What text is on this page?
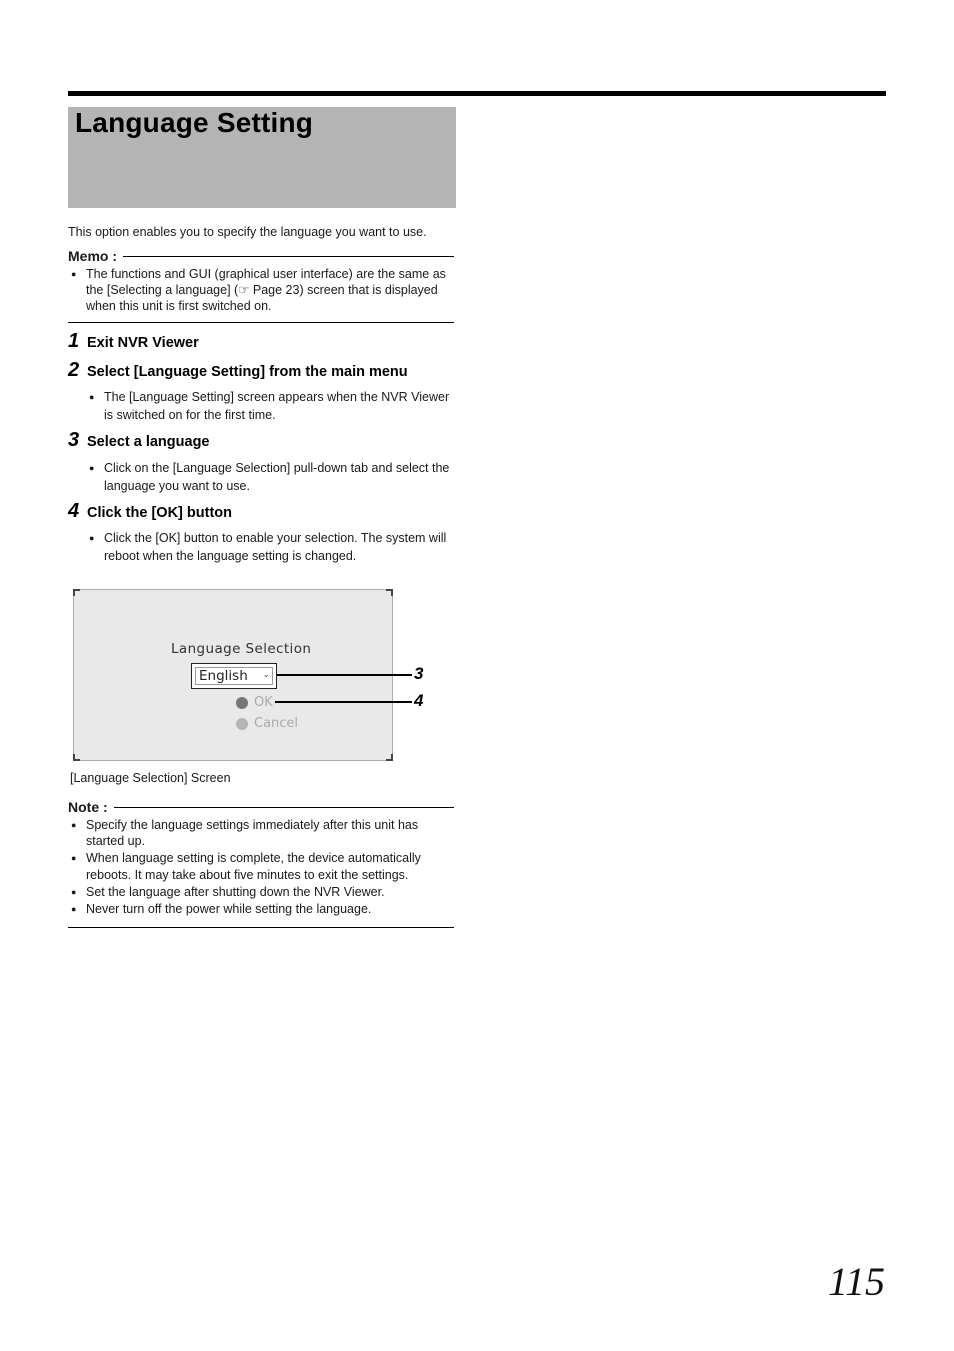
Language Setting
This option enables you to specify the language you want to use.
Memo :
● The functions and GUI (graphical user interface) are the same as the [Selecting a language] (☞ Page 23) screen that is displayed when this unit is first switched on.
1 Exit NVR Viewer
2 Select [Language Setting] from the main menu
● The [Language Setting] screen appears when the NVR Viewer is switched on for the first time.
3 Select a language
● Click on the [Language Selection] pull-down tab and select the language you want to use.
4 Click the [OK] button
● Click the [OK] button to enable your selection. The system will reboot when the language setting is changed.
Language Selection
English ⌄
OK
Cancel
3
4
[Language Selection] Screen
Note :
● Specify the language settings immediately after this unit has started up.
● When language setting is complete, the device automatically reboots. It may take about five minutes to exit the settings.
● Set the language after shutting down the NVR Viewer.
● Never turn off the power while setting the language.
115
